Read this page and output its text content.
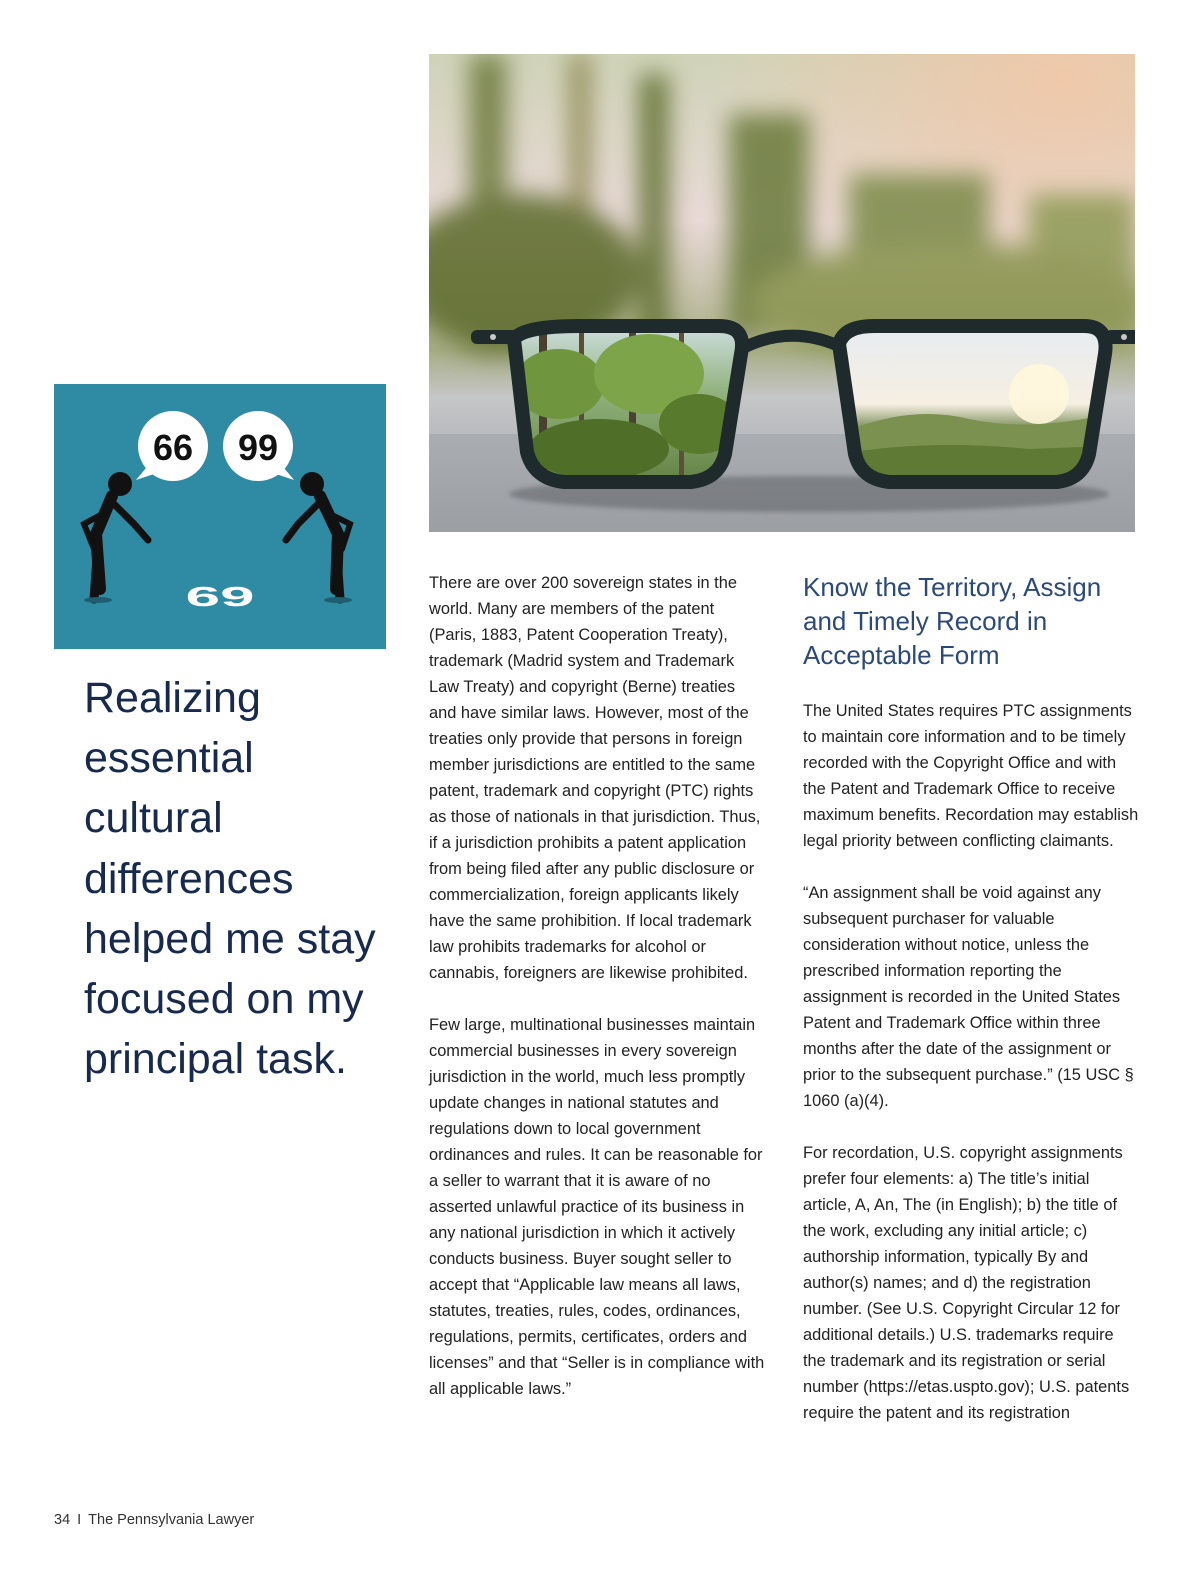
66 99
69
Realizing essential cultural differences helped me stay focused on my principal task.

There are over 200 sovereign states in the world. Many are members of the patent (Paris, 1883, Patent Cooperation Treaty), trademark (Madrid system and Trademark Law Treaty) and copyright (Berne) treaties and have similar laws. However, most of the treaties only provide that persons in foreign member jurisdictions are entitled to the same patent, trademark and copyright (PTC) rights as those of nationals in that jurisdiction. Thus, if a jurisdiction prohibits a patent application from being filed after any public disclosure or commercialization, foreign applicants likely have the same prohibition. If local trademark law prohibits trademarks for alcohol or cannabis, foreigners are likewise prohibited.

Few large, multinational businesses maintain commercial businesses in every sovereign jurisdiction in the world, much less promptly update changes in national statutes and regulations down to local government ordinances and rules. It can be reasonable for a seller to warrant that it is aware of no asserted unlawful practice of its business in any national jurisdiction in which it actively conducts business. Buyer sought seller to accept that “Applicable law means all laws, statutes, treaties, rules, codes, ordinances, regulations, permits, certificates, orders and licenses” and that “Seller is in compliance with all applicable laws.”

Know the Territory, Assign and Timely Record in Acceptable Form

The United States requires PTC assignments to maintain core information and to be timely recorded with the Copyright Office and with the Patent and Trademark Office to receive maximum benefits. Recordation may establish legal priority between conflicting claimants.

“An assignment shall be void against any subsequent purchaser for valuable consideration without notice, unless the prescribed information reporting the assignment is recorded in the United States Patent and Trademark Office within three months after the date of the assignment or prior to the subsequent purchase.” (15 USC § 1060 (a)(4).

For recordation, U.S. copyright assignments prefer four elements: a) The title’s initial article, A, An, The (in English); b) the title of the work, excluding any initial article; c) authorship information, typically By and author(s) names; and d) the registration number. (See U.S. Copyright Circular 12 for additional details.) U.S. trademarks require the trademark and its registration or serial number (https://etas.uspto.gov); U.S. patents require the patent and its registration

34 I The Pennsylvania Lawyer
